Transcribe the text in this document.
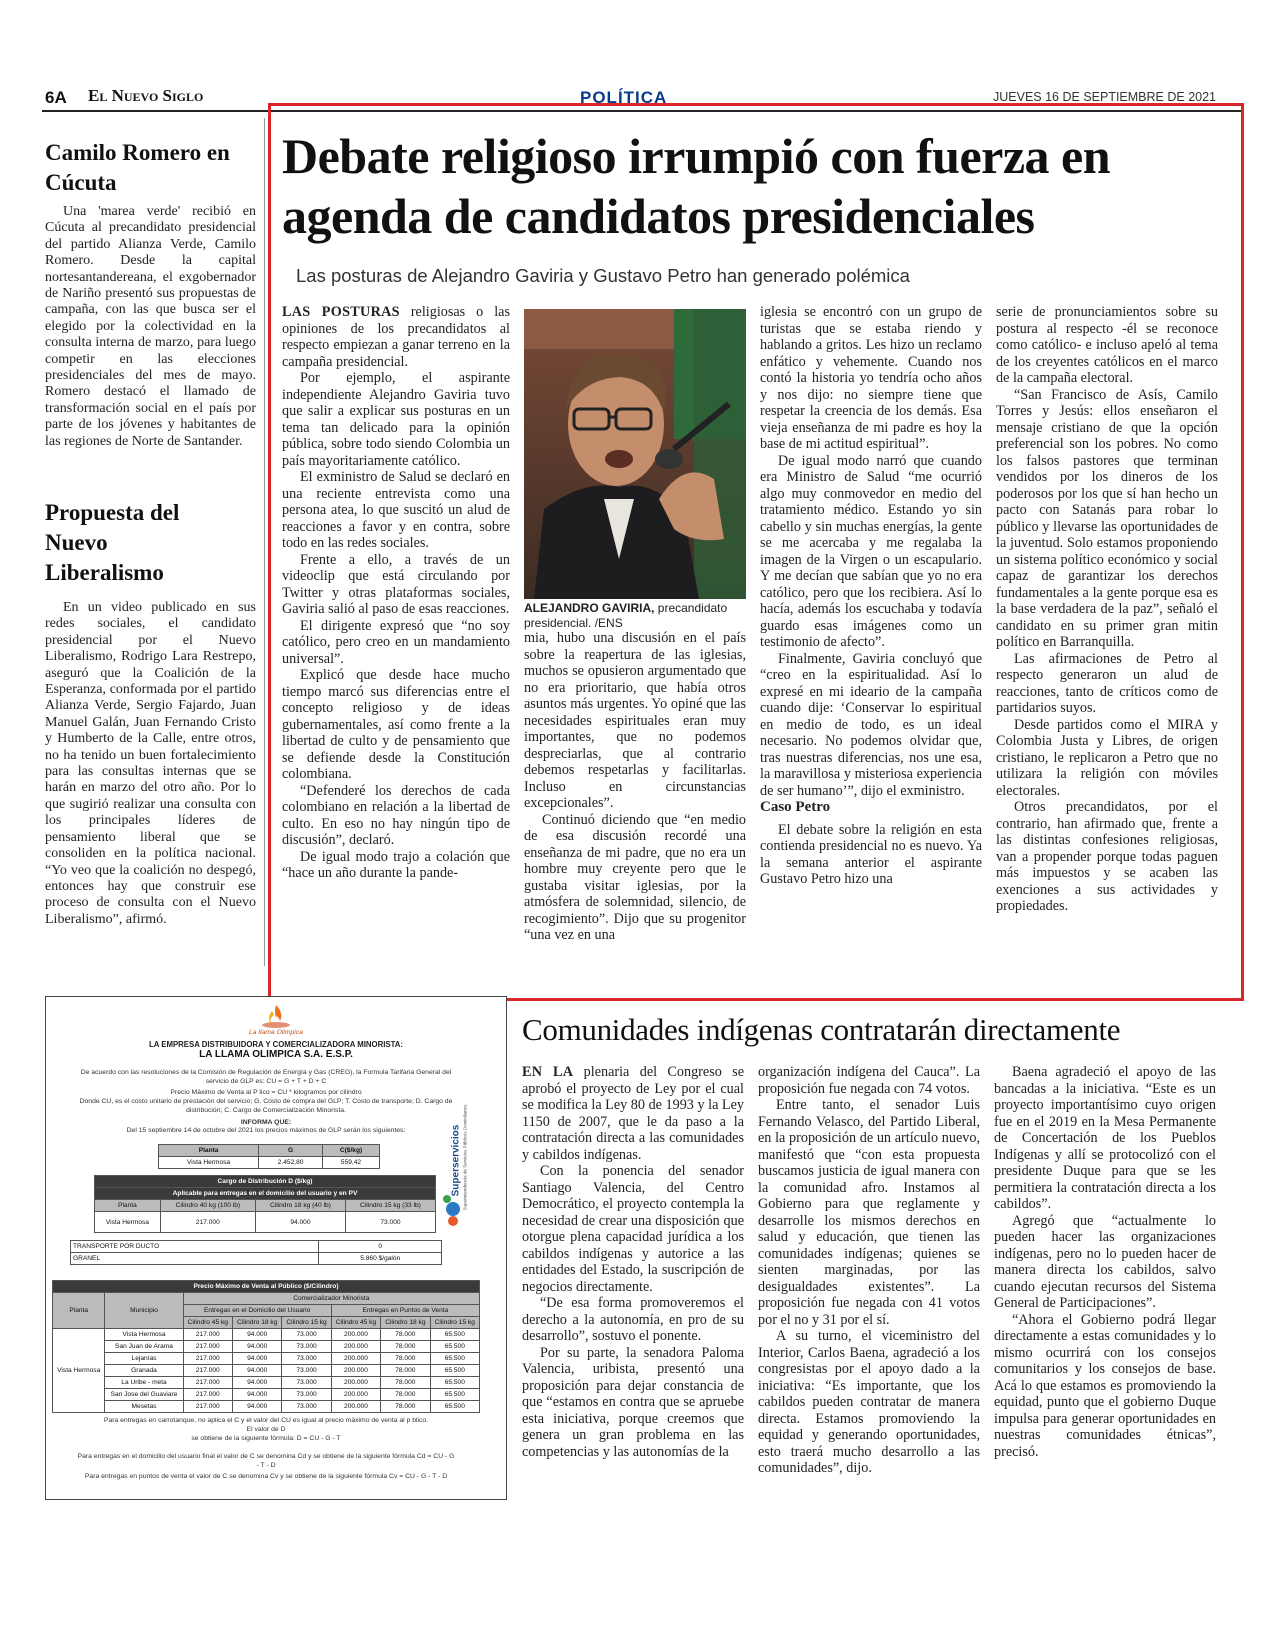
6A El Nuevo Siglo	POLÍTICA	JUEVES 16 DE SEPTIEMBRE DE 2021
Camilo Romero en Cúcuta

Una 'marea verde' recibió en Cúcuta al precandidato presidencial del partido Alianza Verde, Camilo Romero. Desde la capital nortesantandereana, el exgobernador de Nariño presentó sus propuestas de campaña, con las que busca ser el elegido por la colectividad en la consulta interna de marzo, para luego competir en las elecciones presidenciales del mes de mayo. Romero destacó el llamado de transformación social en el país por parte de los jóvenes y habitantes de las regiones de Norte de Santander.

Propuesta del Nuevo Liberalismo

En un video publicado en sus redes sociales, el candidato presidencial por el Nuevo Liberalismo, Rodrigo Lara Restrepo, aseguró que la Coalición de la Esperanza, conformada por el partido Alianza Verde, Sergio Fajardo, Juan Manuel Galán, Juan Fernando Cristo y Humberto de la Calle, entre otros, no ha tenido un buen fortalecimiento para las consultas internas que se harán en marzo del otro año. Por lo que sugirió realizar una consulta con los principales líderes de pensamiento liberal que se consoliden en la política nacional. “Yo veo que la coalición no despegó, entonces hay que construir ese proceso de consulta con el Nuevo Liberalismo”, afirmó.

Debate religioso irrumpió con fuerza en agenda de candidatos presidenciales
Las posturas de Alejandro Gaviria y Gustavo Petro han generado polémica

LAS POSTURAS religiosas o las opiniones de los precandidatos al respecto empiezan a ganar terreno en la campaña presidencial.

Por ejemplo, el aspirante independiente Alejandro Gaviria tuvo que salir a explicar sus posturas en un tema tan delicado para la opinión pública, sobre todo siendo Colombia un país mayoritariamente católico.

El exministro de Salud se declaró en una reciente entrevista como una persona atea, lo que suscitó un alud de reacciones a favor y en contra, sobre todo en las redes sociales.

Frente a ello, a través de un videoclip que está circulando por Twitter y otras plataformas sociales, Gaviria salió al paso de esas reacciones.

El dirigente expresó que “no soy católico, pero creo en un mandamiento universal”.

Explicó que desde hace mucho tiempo marcó sus diferencias entre el concepto religioso y de ideas gubernamentales, así como frente a la libertad de culto y de pensamiento que se defiende desde la Constitución colombiana.

“Defenderé los derechos de cada colombiano en relación a la libertad de culto. En eso no hay ningún tipo de discusión”, declaró.

De igual modo trajo a colación que “hace un año durante la pande-

ALEJANDRO GAVIRIA, precandidato presidencial. /ENS

mia, hubo una discusión en el país sobre la reapertura de las iglesias, muchos se opusieron argumentado que no era prioritario, que había otros asuntos más urgentes. Yo opiné que las necesidades espirituales eran muy importantes, que no podemos despreciarlas, que al contrario debemos respetarlas y facilitarlas. Incluso en circunstancias excepcionales”.

Continuó diciendo que “en medio de esa discusión recordé una enseñanza de mi padre, que no era un hombre muy creyente pero que le gustaba visitar iglesias, por la atmósfera de solemnidad, silencio, de recogimiento”. Dijo que su progenitor “una vez en una

iglesia se encontró con un grupo de turistas que se estaba riendo y hablando a gritos. Les hizo un reclamo enfático y vehemente. Cuando nos contó la historia yo tendría ocho años y nos dijo: no siempre tiene que respetar la creencia de los demás. Esa vieja enseñanza de mi padre es hoy la base de mi actitud espiritual”.

De igual modo narró que cuando era Ministro de Salud “me ocurrió algo muy conmovedor en medio del tratamiento médico. Estando yo sin cabello y sin muchas energías, la gente se me acercaba y me regalaba la imagen de la Virgen o un escapulario. Y me decían que sabían que yo no era católico, pero que los recibiera. Así lo hacía, además los escuchaba y todavía guardo esas imágenes como un testimonio de afecto”.

Finalmente, Gaviria concluyó que “creo en la espiritualidad. Así lo expresé en mi ideario de la campaña cuando dije: ‘Conservar lo espiritual en medio de todo, es un ideal necesario. No podemos olvidar que, tras nuestras diferencias, nos une esa, la maravillosa y misteriosa experiencia de ser humano’”, dijo el exministro.

Caso Petro

El debate sobre la religión en esta contienda presidencial no es nuevo. Ya la semana anterior el aspirante Gustavo Petro hizo una

serie de pronunciamientos sobre su postura al respecto -él se reconoce como católico- e incluso apeló al tema de los creyentes católicos en el marco de la campaña electoral.

“San Francisco de Asís, Camilo Torres y Jesús: ellos enseñaron el mensaje cristiano de que la opción preferencial son los pobres. No como los falsos pastores que terminan vendidos por los dineros de los poderosos por los que sí han hecho un pacto con Satanás para robar lo público y llevarse las oportunidades de la juventud. Solo estamos proponiendo un sistema político económico y social capaz de garantizar los derechos fundamentales a la gente porque esa es la base verdadera de la paz”, señaló el candidato en su primer gran mitin político en Barranquilla.

Las afirmaciones de Petro al respecto generaron un alud de reacciones, tanto de críticos como de partidarios suyos.

Desde partidos como el MIRA y Colombia Justa y Libres, de origen cristiano, le replicaron a Petro que no utilizara la religión con móviles electorales.

Otros precandidatos, por el contrario, han afirmado que, frente a las distintas confesiones religiosas, van a propender porque todas paguen más impuestos y se acaben las exenciones a sus actividades y propiedades.

Comunidades indígenas contratarán directamente

EN LA plenaria del Congreso se aprobó el proyecto de Ley por el cual se modifica la Ley 80 de 1993 y la Ley 1150 de 2007, que le da paso a la contratación directa a las comunidades y cabildos indígenas.

Con la ponencia del senador Santiago Valencia, del Centro Democrático, el proyecto contempla la necesidad de crear una disposición que otorgue plena capacidad jurídica a los cabildos indígenas y autorice a las entidades del Estado, la suscripción de negocios directamente.

“De esa forma promoveremos el derecho a la autonomía, en pro de su desarrollo”, sostuvo el ponente.

Por su parte, la senadora Paloma Valencia, uribista, presentó una proposición para dejar constancia de que “estamos en contra que se apruebe esta iniciativa, porque creemos que genera un gran problema en las competencias y las autonomías de la

organización indígena del Cauca”. La proposición fue negada con 74 votos.

Entre tanto, el senador Luis Fernando Velasco, del Partido Liberal, en la proposición de un artículo nuevo, manifestó que “con esta propuesta buscamos justicia de igual manera con la comunidad afro. Instamos al Gobierno para que reglamente y desarrolle los mismos derechos en salud y educación, que tienen las comunidades indígenas; quienes se sienten marginadas, por las desigualdades existentes”. La proposición fue negada con 41 votos por el no y 31 por el sí.

A su turno, el viceministro del Interior, Carlos Baena, agradeció a los congresistas por el apoyo dado a la iniciativa: “Es importante, que los cabildos pueden contratar de manera directa. Estamos promoviendo la equidad y generando oportunidades, esto traerá mucho desarrollo a las comunidades”, dijo.

Baena agradeció el apoyo de las bancadas a la iniciativa. “Este es un proyecto importantísimo cuyo origen fue en el 2019 en la Mesa Permanente de Concertación de los Pueblos Indígenas y allí se protocolizó con el presidente Duque para que se les permitiera la contratación directa a los cabildos”.

Agregó que “actualmente lo pueden hacer las organizaciones indígenas, pero no lo pueden hacer de manera directa los cabildos, salvo cuando ejecutan recursos del Sistema General de Participaciones”.

“Ahora el Gobierno podrá llegar directamente a estas comunidades y lo mismo ocurrirá con los consejos comunitarios y los consejos de base. Acá lo que estamos es promoviendo la equidad, punto que el gobierno Duque impulsa para generar oportunidades en nuestras comunidades étnicas”, precisó.

La llama Olimpica
LA EMPRESA DISTRIBUIDORA Y COMERCIALIZADORA MINORISTA:
LA LLAMA OLIMPICA S.A. E.S.P.
De acuerdo con las resoluciones de la Comisión de Regulación de Energía y Gas (CREG), la Formula Tarifaria General del servicio de GLP es: CU = G + T + D + C
Precio Máximo de Venta al P lico = CU * kilogramos por cilindro
Donde CU, es el costo unitario de prestación del servicio; G. Costo de compra del GLP; T. Costo de transporte; D. Cargo de distribución; C. Cargo de Comercialización Minorista.
INFORMA QUE:
Del 15 septiembre 14 de octubre del 2021 los precios máximos de GLP serán los siguientes:
Planta	G	C($/kg)
Vista Hermosa	2.452,80	559,42
Cargo de Distribución D ($/kg)			
Aplicable para entregas en el domicilio del usuario y en PV			
Planta	Cilindro 40 kg (100 lb)	Cilindro 18 kg (40 lb)	Cilindro 15 kg (33 lb)
Vista Hermosa	217.000	94.000	73.000
TRANSPORTE POR DUCTO	0
GRANEL	5.860 $/galón
Superservicios Superintendencia de Servicios Públicos Domiciliarios
Precio Máximo de Venta al Público ($/Cilindro)							
Planta	Municipio	Comercializador Minorista					
		Entregas en el Domicilio del Usuario			Entregas en Puntos de Venta		
		Cilindro 45 kg	Cilindro 18 kg	Cilindro 15 kg	Cilindro 45 kg	Cilindro 18 kg	Cilindro 15 kg
Vista Hermosa	Vista Hermosa	217.000	94.000	73.000	200.000	78.000	65.500
	San Juan de Arama	217.000	94.000	73.000	200.000	78.000	65.500
	Lejanías	217.000	94.000	73.000	200.000	78.000	65.500
	Granada	217.000	94.000	73.000	200.000	78.000	65.500
	La Uribe - meta	217.000	94.000	73.000	200.000	78.000	65.500
	San Jose del Guaviare	217.000	94.000	73.000	200.000	78.000	65.500
	Mesetas	217.000	94.000	73.000	200.000	78.000	65.500
Para entregas en carrotanque, no aplica el C y el valor del CU es igual al precio máximo de venta al p blico.
El valor de D
se obtiene de la siguiente fórmula: D = CU - G - T
Para entregas en el domicilio del usuario final el valor de C se denomina Cd y se obtiene de la siguiente fórmula Cd = CU - G - T - D
Para entregas en puntos de venta el valor de C se denomina Cv y se obtiene de la siguiente fórmula Cv = CU - G - T - D
